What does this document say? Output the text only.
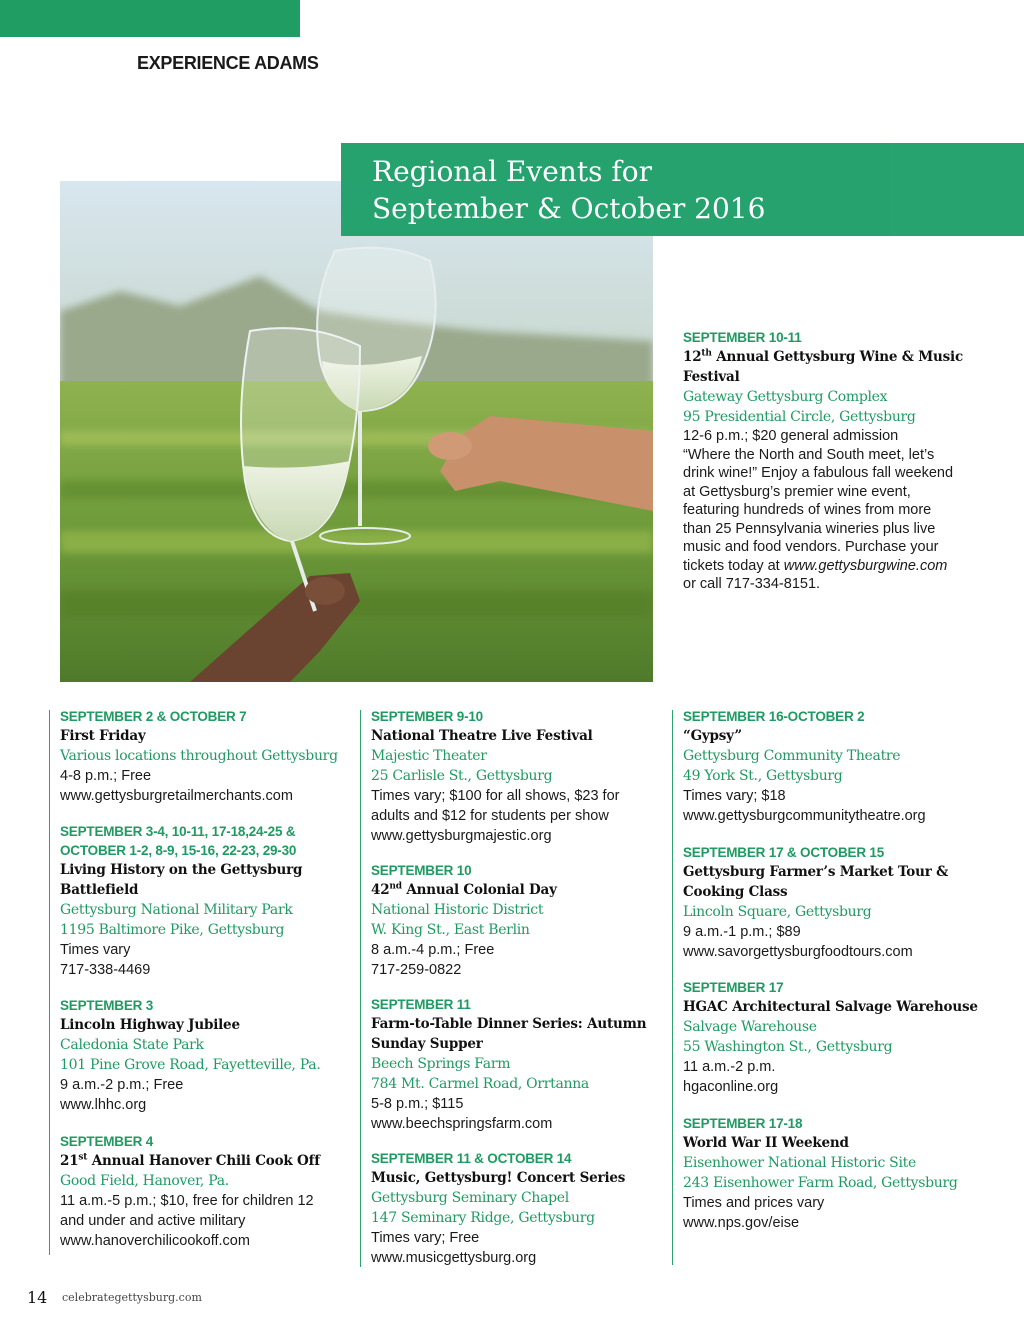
EXPERIENCE ADAMS
Regional Events for
September & October 2016
SEPTEMBER 10-11
12th Annual Gettysburg Wine & Music
Festival
Gateway Gettysburg Complex
95 Presidential Circle, Gettysburg
12-6 p.m.; $20 general admission
“Where the North and South meet, let’s
drink wine!” Enjoy a fabulous fall weekend
at Gettysburg’s premier wine event,
featuring hundreds of wines from more
than 25 Pennsylvania wineries plus live
music and food vendors. Purchase your
tickets today at www.gettysburgwine.com
or call 717-334-8151.
SEPTEMBER 2 & OCTOBER 7
First Friday
Various locations throughout Gettysburg
4-8 p.m.; Free
www.gettysburgretailmerchants.com
SEPTEMBER 3-4, 10-11, 17-18,24-25 &
OCTOBER 1-2, 8-9, 15-16, 22-23, 29-30
Living History on the Gettysburg
Battlefield
Gettysburg National Military Park
1195 Baltimore Pike, Gettysburg
Times vary
717-338-4469
SEPTEMBER 3
Lincoln Highway Jubilee
Caledonia State Park
101 Pine Grove Road, Fayetteville, Pa.
9 a.m.-2 p.m.; Free
www.lhhc.org
SEPTEMBER 4
21st Annual Hanover Chili Cook Off
Good Field, Hanover, Pa.
11 a.m.-5 p.m.; $10, free for children 12
and under and active military
www.hanoverchilicookoff.com
SEPTEMBER 9-10
National Theatre Live Festival
Majestic Theater
25 Carlisle St., Gettysburg
Times vary; $100 for all shows, $23 for
adults and $12 for students per show
www.gettysburgmajestic.org
SEPTEMBER 10
42nd Annual Colonial Day
National Historic District
W. King St., East Berlin
8 a.m.-4 p.m.; Free
717-259-0822
SEPTEMBER 11
Farm-to-Table Dinner Series: Autumn
Sunday Supper
Beech Springs Farm
784 Mt. Carmel Road, Orrtanna
5-8 p.m.; $115
www.beechspringsfarm.com
SEPTEMBER 11 & OCTOBER 14
Music, Gettysburg! Concert Series
Gettysburg Seminary Chapel
147 Seminary Ridge, Gettysburg
Times vary; Free
www.musicgettysburg.org
SEPTEMBER 16-OCTOBER 2
“Gypsy”
Gettysburg Community Theatre
49 York St., Gettysburg
Times vary; $18
www.gettysburgcommunitytheatre.org
SEPTEMBER 17 & OCTOBER 15
Gettysburg Farmer’s Market Tour &
Cooking Class
Lincoln Square, Gettysburg
9 a.m.-1 p.m.; $89
www.savorgettysburgfoodtours.com
SEPTEMBER 17
HGAC Architectural Salvage Warehouse
Salvage Warehouse
55 Washington St., Gettysburg
11 a.m.-2 p.m.
hgaconline.org
SEPTEMBER 17-18
World War II Weekend
Eisenhower National Historic Site
243 Eisenhower Farm Road, Gettysburg
Times and prices vary
www.nps.gov/eise
14 celebrategettysburg.com
